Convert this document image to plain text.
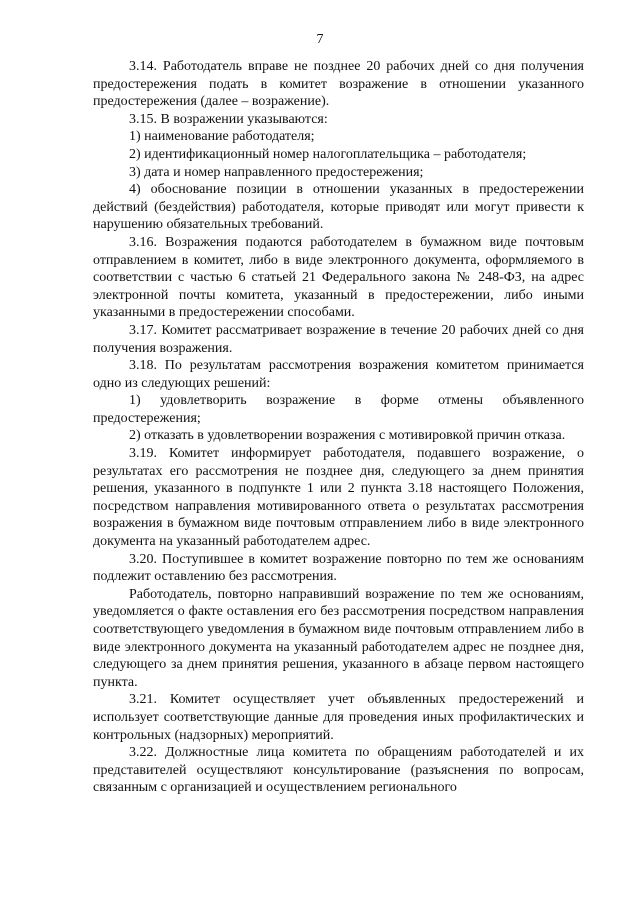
7

3.14. Работодатель вправе не позднее 20 рабочих дней со дня получения предостережения подать в комитет возражение в отношении указанного предостережения (далее – возражение).

3.15. В возражении указываются:

1) наименование работодателя;

2) идентификационный номер налогоплательщика – работодателя;

3) дата и номер направленного предостережения;

4) обоснование позиции в отношении указанных в предостережении действий (бездействия) работодателя, которые приводят или могут привести к нарушению обязательных требований.

3.16. Возражения подаются работодателем в бумажном виде почтовым отправлением в комитет, либо в виде электронного документа, оформляемого в соответствии с частью 6 статьей 21 Федерального закона № 248-ФЗ, на адрес электронной почты комитета, указанный в предостережении, либо иными указанными в предостережении способами.

3.17. Комитет рассматривает возражение в течение 20 рабочих дней со дня получения возражения.

3.18. По результатам рассмотрения возражения комитетом принимается одно из следующих решений:

1) удовлетворить возражение в форме отмены объявленного предостережения;

2) отказать в удовлетворении возражения с мотивировкой причин отказа.

3.19. Комитет информирует работодателя, подавшего возражение, о результатах его рассмотрения не позднее дня, следующего за днем принятия решения, указанного в подпункте 1 или 2 пункта 3.18 настоящего Положения, посредством направления мотивированного ответа о результатах рассмотрения возражения в бумажном виде почтовым отправлением либо в виде электронного документа на указанный работодателем адрес.

3.20. Поступившее в комитет возражение повторно по тем же основаниям подлежит оставлению без рассмотрения.

Работодатель, повторно направивший возражение по тем же основаниям, уведомляется о факте оставления его без рассмотрения посредством направления соответствующего уведомления в бумажном виде почтовым отправлением либо в виде электронного документа на указанный работодателем адрес не позднее дня, следующего за днем принятия решения, указанного в абзаце первом настоящего пункта.

3.21. Комитет осуществляет учет объявленных предостережений и использует соответствующие данные для проведения иных профилактических и контрольных (надзорных) мероприятий.

3.22. Должностные лица комитета по обращениям работодателей и их представителей осуществляют консультирование (разъяснения по вопросам, связанным с организацией и осуществлением регионального
